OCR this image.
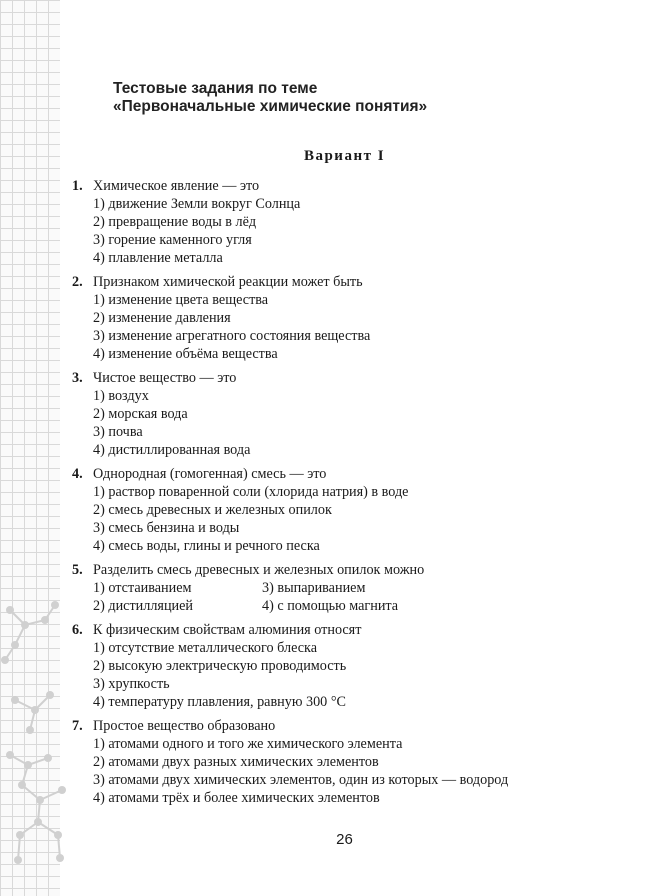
Тестовые задания по теме
«Первоначальные химические понятия»
Вариант I
1. Химическое явление — это
1) движение Земли вокруг Солнца
2) превращение воды в лёд
3) горение каменного угля
4) плавление металла
2. Признаком химической реакции может быть
1) изменение цвета вещества
2) изменение давления
3) изменение агрегатного состояния вещества
4) изменение объёма вещества
3. Чистое вещество — это
1) воздух
2) морская вода
3) почва
4) дистиллированная вода
4. Однородная (гомогенная) смесь — это
1) раствор поваренной соли (хлорида натрия) в воде
2) смесь древесных и железных опилок
3) смесь бензина и воды
4) смесь воды, глины и речного песка
5. Разделить смесь древесных и железных опилок можно
1) отстаиванием	3) выпариванием
2) дистилляцией	4) с помощью магнита
6. К физическим свойствам алюминия относят
1) отсутствие металлического блеска
2) высокую электрическую проводимость
3) хрупкость
4) температуру плавления, равную 300 °C
7. Простое вещество образовано
1) атомами одного и того же химического элемента
2) атомами двух разных химических элементов
3) атомами двух химических элементов, один из которых — водород
4) атомами трёх и более химических элементов
26
